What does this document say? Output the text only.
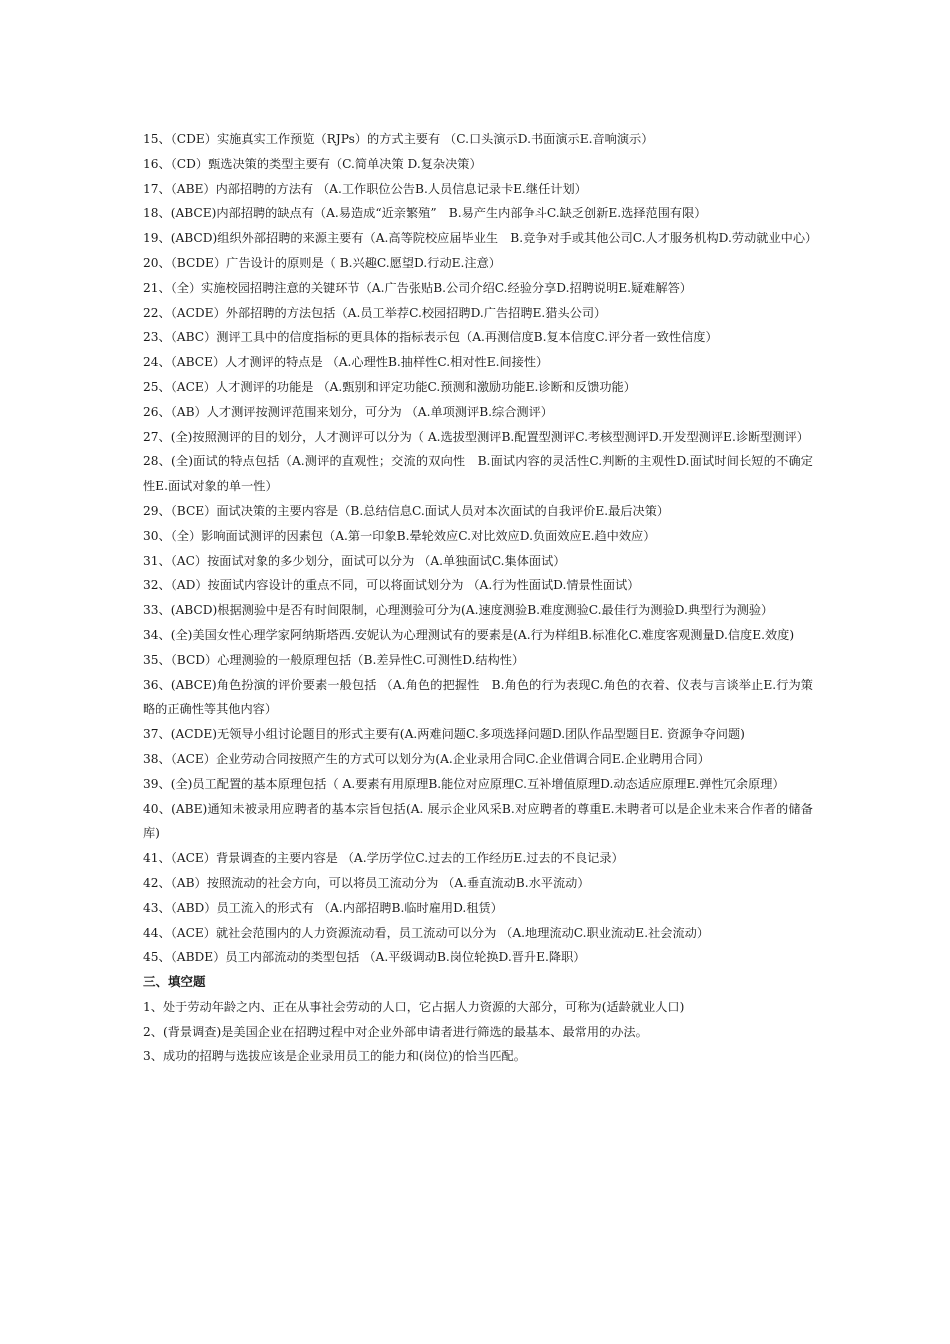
15、（CDE）实施真实工作预览（RJPs）的方式主要有 （C.口头演示D.书面演示E.音响演示）

16、（CD）甄选决策的类型主要有（C.简单决策 D.复杂决策）

17、（ABE）内部招聘的方法有 （A.工作职位公告B.人员信息记录卡E.继任计划）

18、(ABCE)内部招聘的缺点有（A.易造成“近亲繁殖”　B.易产生内部争斗C.缺乏创新E.选择范围有限）

19、(ABCD)组织外部招聘的来源主要有（A.高等院校应届毕业生　B.竞争对手或其他公司C.人才服务机构D.劳动就业中心）

20、（BCDE）广告设计的原则是（ B.兴趣C.愿望D.行动E.注意）

21、（全）实施校园招聘注意的关键环节（A.广告张贴B.公司介绍C.经验分享D.招聘说明E.疑难解答）

22、（ACDE）外部招聘的方法包括（A.员工举荐C.校园招聘D.广告招聘E.猎头公司）

23、（ABC）测评工具中的信度指标的更具体的指标表示包（A.再测信度B.复本信度C.评分者一致性信度）

24、（ABCE）人才测评的特点是 （A.心理性B.抽样性C.相对性E.间接性）

25、（ACE）人才测评的功能是 （A.甄别和评定功能C.预测和激励功能E.诊断和反馈功能）

26、（AB）人才测评按测评范围来划分，可分为 （A.单项测评B.综合测评）

27、(全)按照测评的目的划分，人才测评可以分为（ A.选拔型测评B.配置型测评C.考核型测评D.开发型测评E.诊断型测评）

28、(全)面试的特点包括（A.测评的直观性；交流的双向性　B.面试内容的灵活性C.判断的主观性D.面试时间长短的不确定性E.面试对象的单一性）

29、（BCE）面试决策的主要内容是（B.总结信息C.面试人员对本次面试的自我评价E.最后决策）

30、（全）影响面试测评的因素包（A.第一印象B.晕轮效应C.对比效应D.负面效应E.趋中效应）

31、（AC）按面试对象的多少划分，面试可以分为 （A.单独面试C.集体面试）

32、（AD）按面试内容设计的重点不同，可以将面试划分为 （A.行为性面试D.情景性面试）

33、(ABCD)根据测验中是否有时间限制，心理测验可分为(A.速度测验B.难度测验C.最佳行为测验D.典型行为测验）

34、(全)美国女性心理学家阿纳斯塔西.安妮认为心理测试有的要素是(A.行为样组B.标准化C.难度客观测量D.信度E.效度)

35、（BCD）心理测验的一般原理包括（B.差异性C.可测性D.结构性）

36、(ABCE)角色扮演的评价要素一般包括 （A.角色的把握性　B.角色的行为表现C.角色的衣着、仪表与言谈举止E.行为策略的正确性等其他内容）

37、(ACDE)无领导小组讨论题目的形式主要有(A.两难问题C.多项选择问题D.团队作品型题目E. 资源争夺问题)

38、（ACE）企业劳动合同按照产生的方式可以划分为(A.企业录用合同C.企业借调合同E.企业聘用合同）

39、(全)员工配置的基本原理包括（ A.要素有用原理B.能位对应原理C.互补增值原理D.动态适应原理E.弹性冗余原理）

40、(ABE)通知未被录用应聘者的基本宗旨包括(A. 展示企业风采B.对应聘者的尊重E.未聘者可以是企业未来合作者的储备库)

41、（ACE）背景调查的主要内容是 （A.学历学位C.过去的工作经历E.过去的不良记录）

42、（AB）按照流动的社会方向，可以将员工流动分为 （A.垂直流动B.水平流动）

43、（ABD）员工流入的形式有 （A.内部招聘B.临时雇用D.租赁）

44、（ACE）就社会范围内的人力资源流动看，员工流动可以分为 （A.地理流动C.职业流动E.社会流动）

45、（ABDE）员工内部流动的类型包括 （A.平级调动B.岗位轮换D.晋升E.降职）

三、填空题

1、处于劳动年龄之内、正在从事社会劳动的人口，它占据人力资源的大部分，可称为(适龄就业人口)

2、(背景调查)是美国企业在招聘过程中对企业外部申请者进行筛选的最基本、最常用的办法。

3、成功的招聘与选拔应该是企业录用员工的能力和(岗位)的恰当匹配。
